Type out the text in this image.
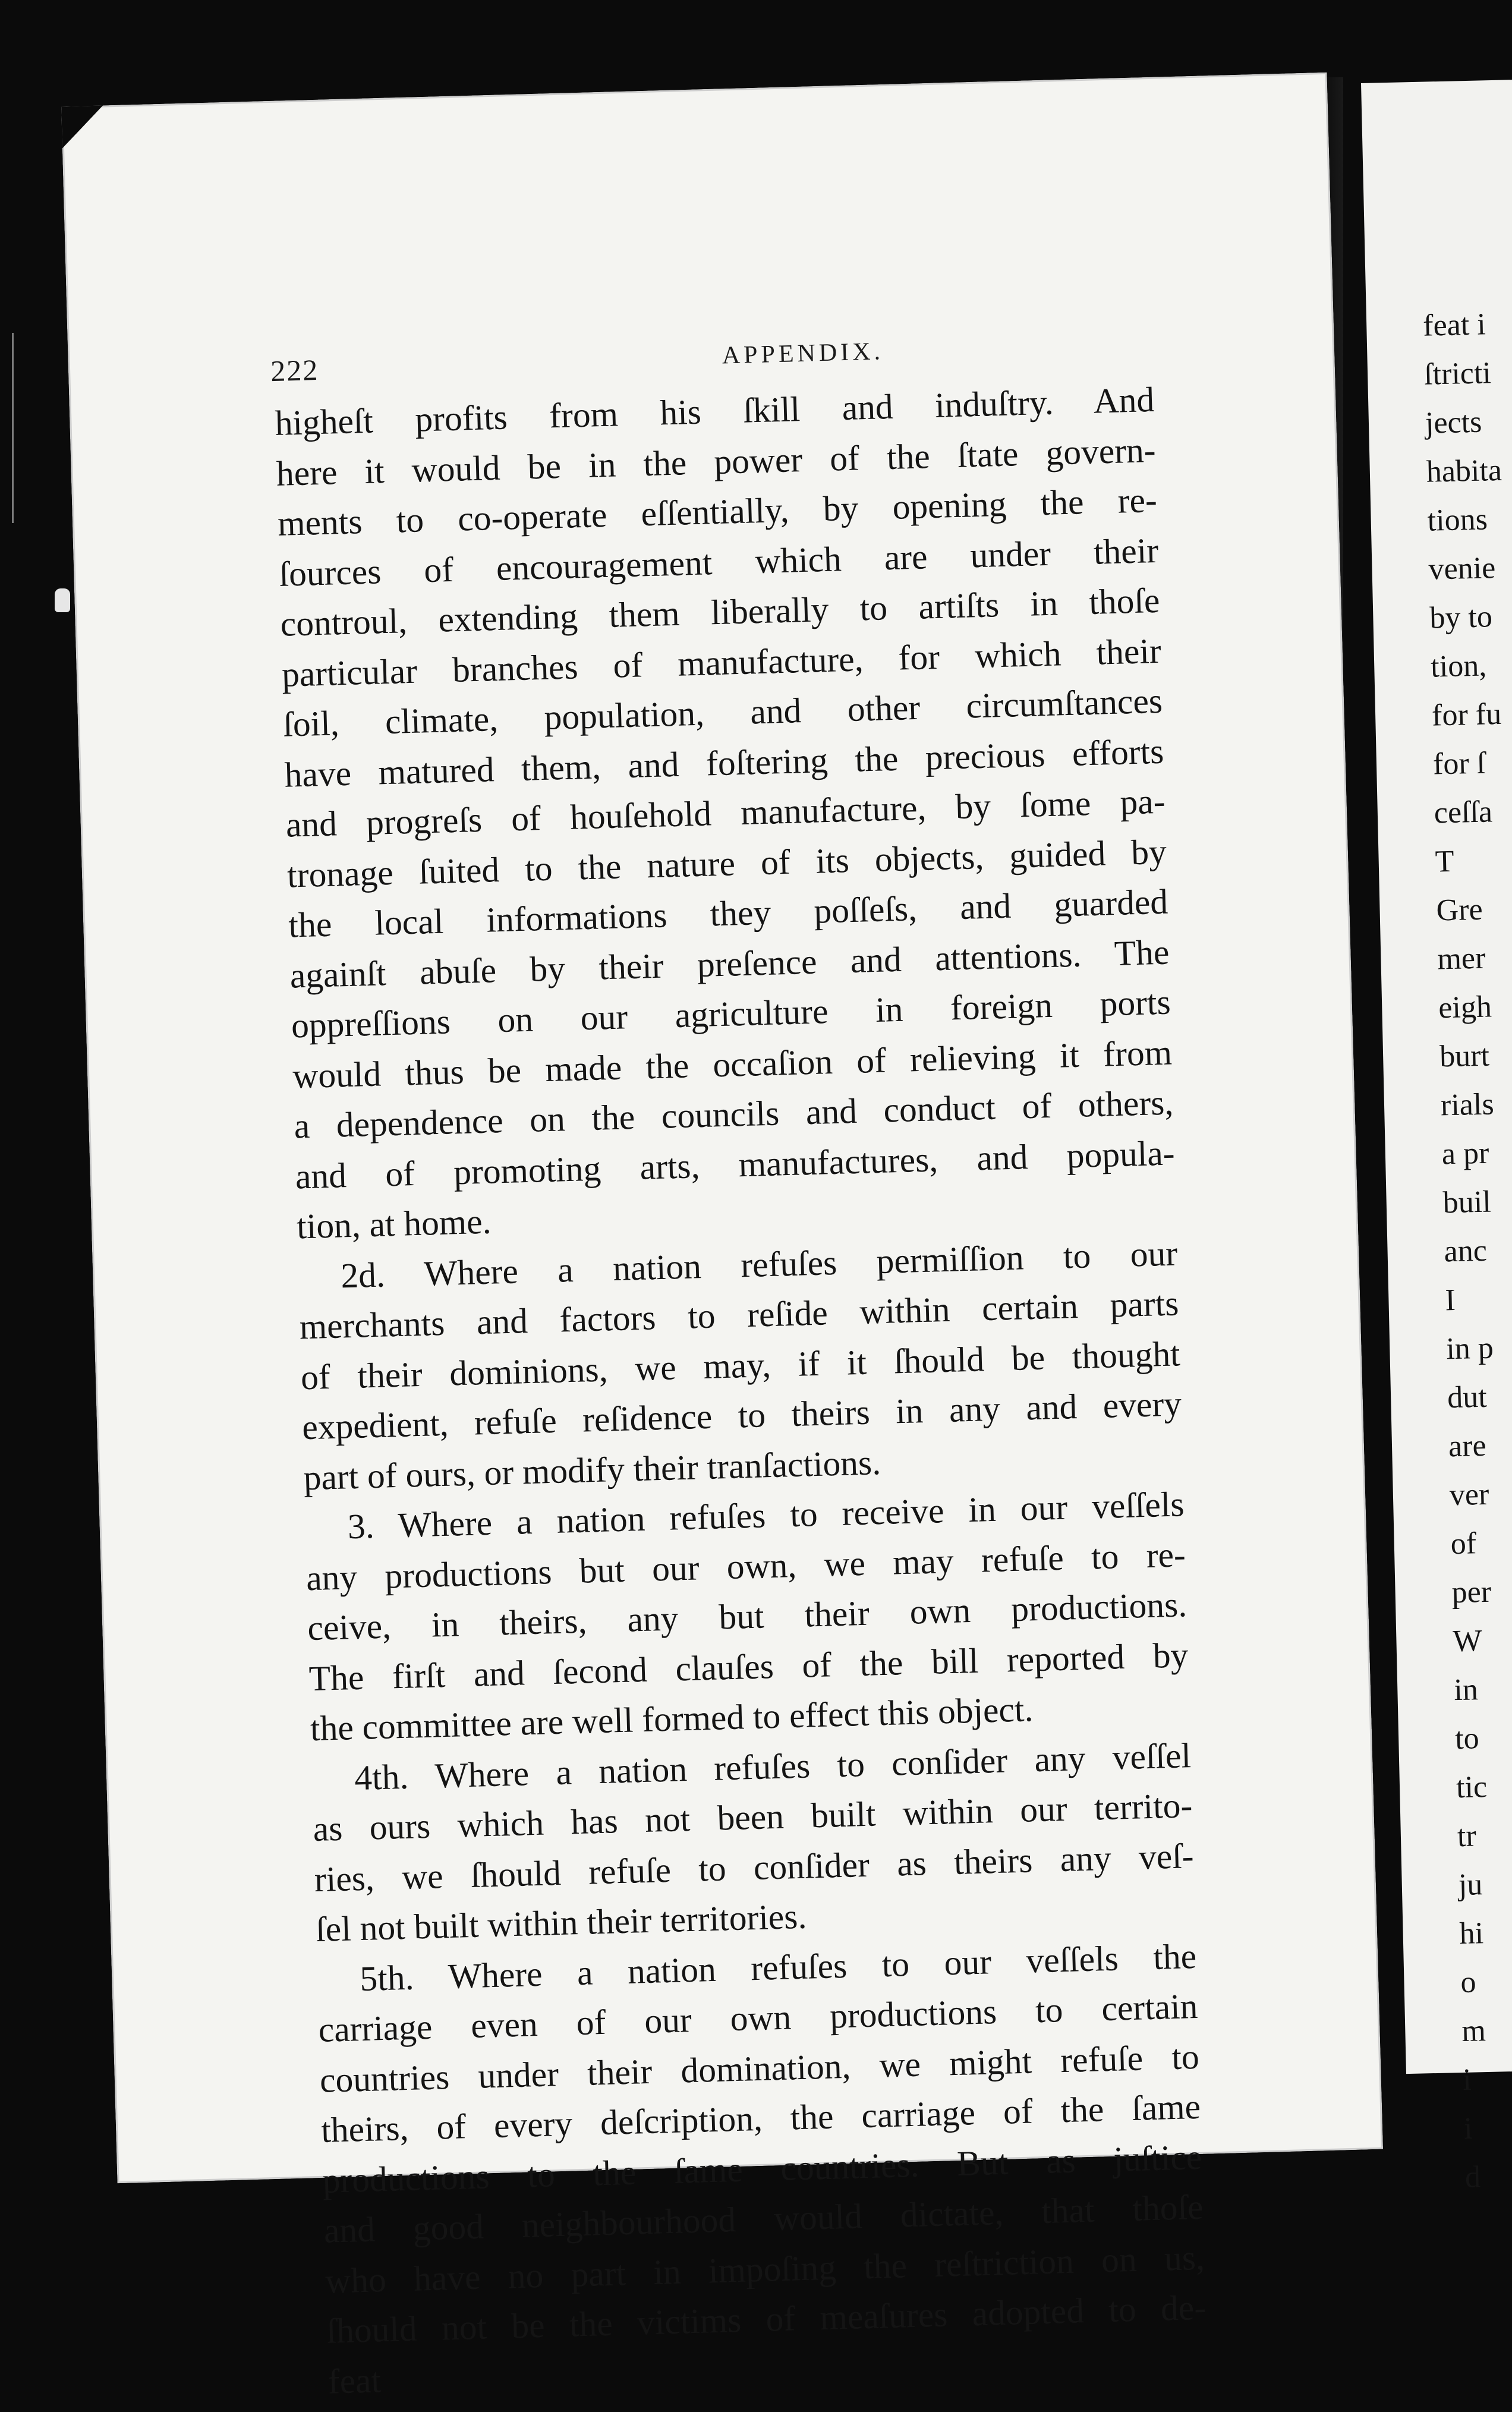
222	APPENDIX.
higheſt profits from his ſkill and induſtry. And
here it would be in the power of the ſtate govern-
ments to co-operate eſſentially, by opening the re-
ſources of encouragement which are under their
controul, extending them liberally to artiſts in thoſe
particular branches of manufacture, for which their
ſoil, climate, population, and other circumſtances
have matured them, and foſtering the precious efforts
and progreſs of houſehold manufacture, by ſome pa-
tronage ſuited to the nature of its objects, guided by
the local informations they poſſeſs, and guarded
againſt abuſe by their preſence and attentions. The
oppreſſions on our agriculture in foreign ports
would thus be made the occaſion of relieving it from
a dependence on the councils and conduct of others,
and of promoting arts, manufactures, and popula-
tion, at home.
2d. Where a nation refuſes permiſſion to our
merchants and factors to reſide within certain parts
of their dominions, we may, if it ſhould be thought
expedient, refuſe reſidence to theirs in any and every
part of ours, or modify their tranſactions.
3. Where a nation refuſes to receive in our veſſels
any productions but our own, we may refuſe to re-
ceive, in theirs, any but their own productions.
The firſt and ſecond clauſes of the bill reported by
the committee are well formed to effect this object.
4th. Where a nation refuſes to conſider any veſſel
as ours which has not been built within our territo-
ries, we ſhould refuſe to conſider as theirs any veſ-
ſel not built within their territories.
5th. Where a nation refuſes to our veſſels the
carriage even of our own productions to certain
countries under their domination, we might refuſe to
theirs, of every deſcription, the carriage of the ſame
productions to the ſame countries. But as juſtice
and good neighbourhood would dictate, that thoſe
who have no part in impoſing the reſtriction on us,
ſhould not be the victims of meaſures adopted to de-
feat
feat i
ſtricti
jects
habita
tions
venie
by to
tion,
for fu
for ſ
ceſſa
T
Gre
mer
eigh
burt
rials
a pr
buil
anc
I
in p
dut
are
ver
of
per
W
in
to
tic
tr
ju
hi
o
m
i
i
d
